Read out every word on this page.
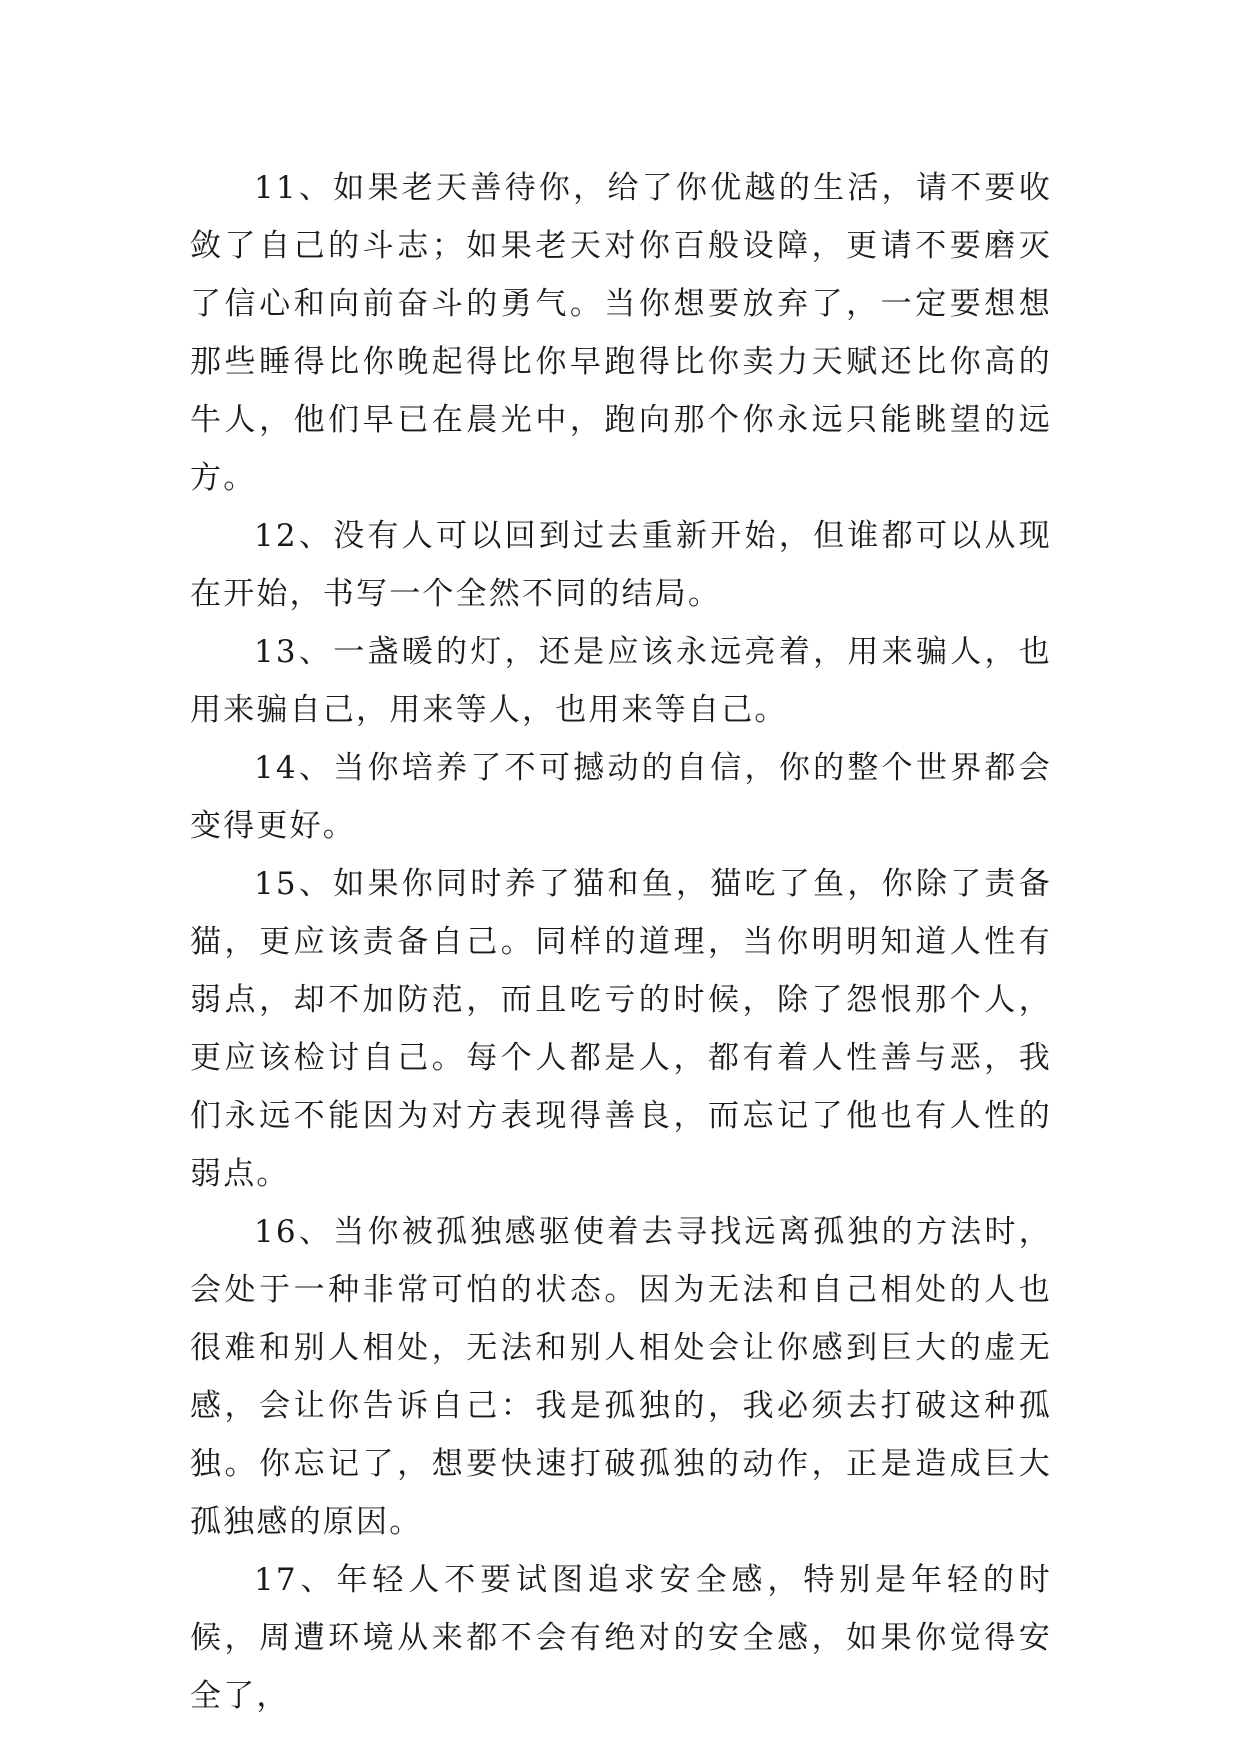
11、如果老天善待你，给了你优越的生活，请不要收敛了自己的斗志；如果老天对你百般设障，更请不要磨灭了信心和向前奋斗的勇气。当你想要放弃了，一定要想想那些睡得比你晚起得比你早跑得比你卖力天赋还比你高的牛人，他们早已在晨光中，跑向那个你永远只能眺望的远方。

12、没有人可以回到过去重新开始，但谁都可以从现在开始，书写一个全然不同的结局。

13、一盏暖的灯，还是应该永远亮着，用来骗人，也用来骗自己，用来等人，也用来等自己。

14、当你培养了不可撼动的自信，你的整个世界都会变得更好。

15、如果你同时养了猫和鱼，猫吃了鱼，你除了责备猫，更应该责备自己。同样的道理，当你明明知道人性有弱点，却不加防范，而且吃亏的时候，除了怨恨那个人，更应该检讨自己。每个人都是人，都有着人性善与恶，我们永远不能因为对方表现得善良，而忘记了他也有人性的弱点。

16、当你被孤独感驱使着去寻找远离孤独的方法时，会处于一种非常可怕的状态。因为无法和自己相处的人也很难和别人相处，无法和别人相处会让你感到巨大的虚无感，会让你告诉自己：我是孤独的，我必须去打破这种孤独。你忘记了，想要快速打破孤独的动作，正是造成巨大孤独感的原因。

17、年轻人不要试图追求安全感，特别是年轻的时候，周遭环境从来都不会有绝对的安全感，如果你觉得安全了，
